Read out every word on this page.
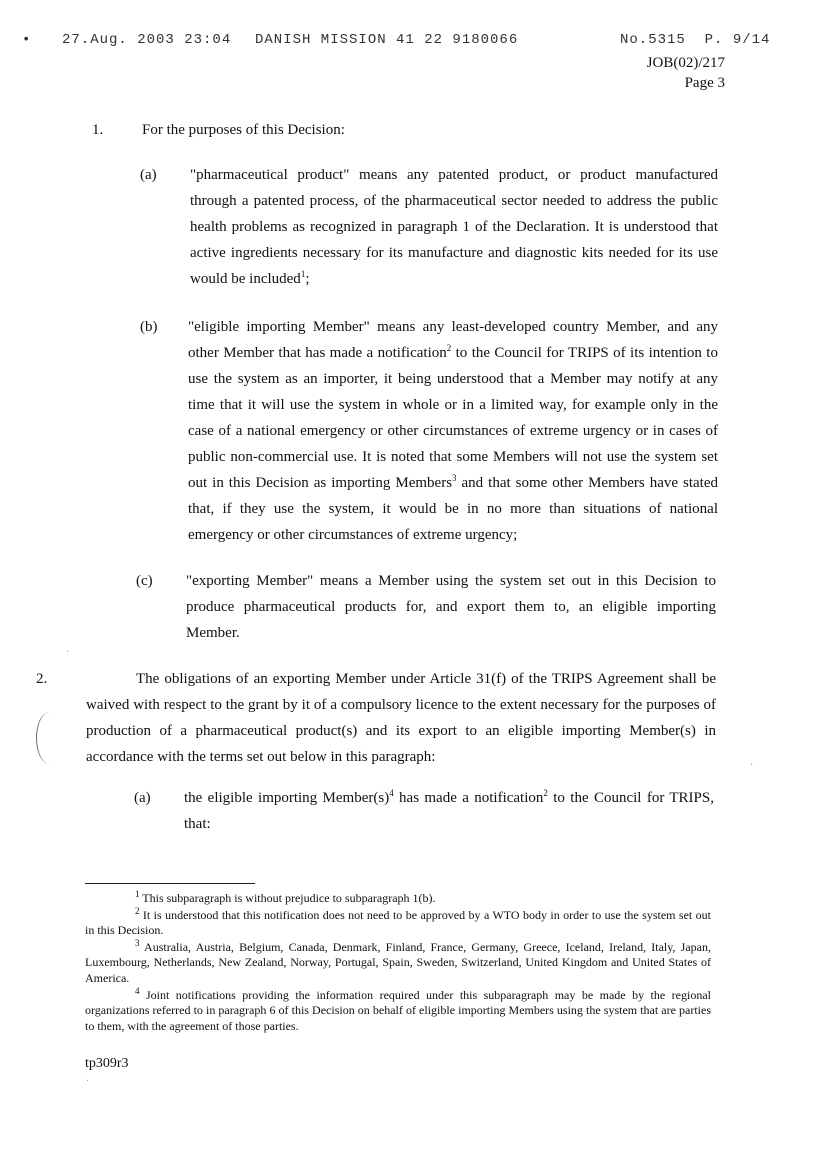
• 27.Aug. 2003 23:04 DANISH MISSION 41 22 9180066	No.5315 P. 9/14
JOB(02)/217
Page 3
1.	For the purposes of this Decision:
(a) "pharmaceutical product" means any patented product, or product manufactured through a patented process, of the pharmaceutical sector needed to address the public health problems as recognized in paragraph 1 of the Declaration. It is understood that active ingredients necessary for its manufacture and diagnostic kits needed for its use would be included$^1$;
(b) "eligible importing Member" means any least-developed country Member, and any other Member that has made a notification$^2$ to the Council for TRIPS of its intention to use the system as an importer, it being understood that a Member may notify at any time that it will use the system in whole or in a limited way, for example only in the case of a national emergency or other circumstances of extreme urgency or in cases of public non-commercial use. It is noted that some Members will not use the system set out in this Decision as importing Members$^3$ and that some other Members have stated that, if they use the system, it would be in no more than situations of national emergency or other circumstances of extreme urgency;
(c) "exporting Member" means a Member using the system set out in this Decision to produce pharmaceutical products for, and export them to, an eligible importing Member.
2.	The obligations of an exporting Member under Article 31(f) of the TRIPS Agreement shall be waived with respect to the grant by it of a compulsory licence to the extent necessary for the purposes of production of a pharmaceutical product(s) and its export to an eligible importing Member(s) in accordance with the terms set out below in this paragraph:
(a) the eligible importing $Member(s)^4$ has made a notification$^2$ to the Council for TRIPS, that:

$^1$ This subparagraph is without prejudice to subparagraph 1(b).

$^2$ It is understood that this notification does not need to be approved by a WTO body in order to use the system set out in this Decision.

$^3$ Australia, Austria, Belgium, Canada, Denmark, Finland, France, Germany, Greece, Iceland, Ireland, Italy, Japan, Luxembourg, Netherlands, New Zealand, Norway, Portugal, Spain, Sweden, Switzerland, United Kingdom and United States of America.

$^4$ Joint notifications providing the information required under this subparagraph may be made by the regional organizations referred to in paragraph 6 of this Decision on behalf of eligible importing Members using the system that are parties to them, with the agreement of those parties.

tp309r3
·
·
·
